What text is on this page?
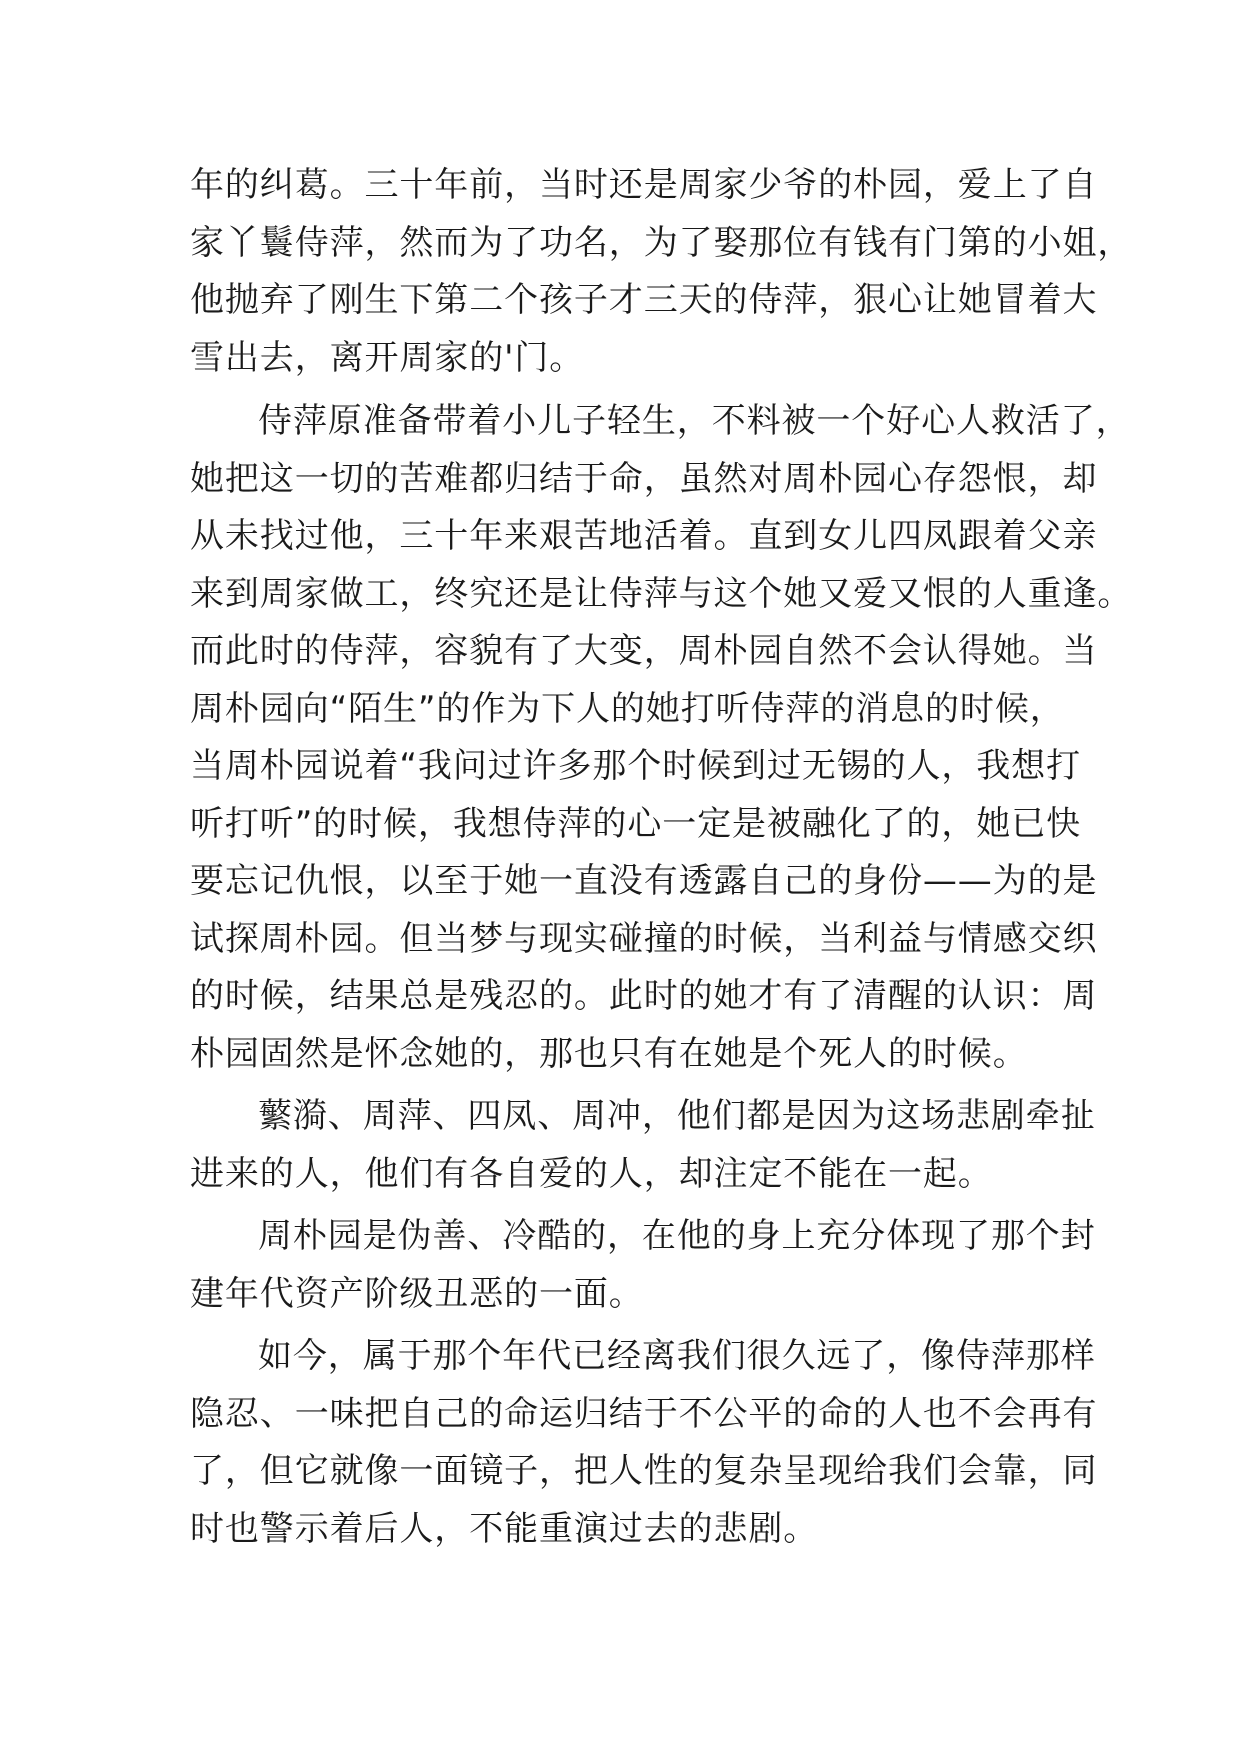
年的纠葛。三十年前，当时还是周家少爷的朴园，爱上了自
家丫鬟侍萍，然而为了功名，为了娶那位有钱有门第的小姐，
他抛弃了刚生下第二个孩子才三天的侍萍，狠心让她冒着大
雪出去，离开周家的'门。
侍萍原准备带着小儿子轻生，不料被一个好心人救活了，
她把这一切的苦难都归结于命，虽然对周朴园心存怨恨，却
从未找过他，三十年来艰苦地活着。直到女儿四凤跟着父亲
来到周家做工，终究还是让侍萍与这个她又爱又恨的人重逢。
而此时的侍萍，容貌有了大变，周朴园自然不会认得她。当
周朴园向“陌生”的作为下人的她打听侍萍的消息的时候，
当周朴园说着“我问过许多那个时候到过无锡的人，我想打
听打听”的时候，我想侍萍的心一定是被融化了的，她已快
要忘记仇恨，以至于她一直没有透露自己的身份——为的是
试探周朴园。但当梦与现实碰撞的时候，当利益与情感交织
的时候，结果总是残忍的。此时的她才有了清醒的认识：周
朴园固然是怀念她的，那也只有在她是个死人的时候。
蘩漪、周萍、四凤、周冲，他们都是因为这场悲剧牵扯
进来的人，他们有各自爱的人，却注定不能在一起。
周朴园是伪善、冷酷的，在他的身上充分体现了那个封
建年代资产阶级丑恶的一面。
如今，属于那个年代已经离我们很久远了，像侍萍那样
隐忍、一味把自己的命运归结于不公平的命的人也不会再有
了，但它就像一面镜子，把人性的复杂呈现给我们会靠，同
时也警示着后人，不能重演过去的悲剧。
